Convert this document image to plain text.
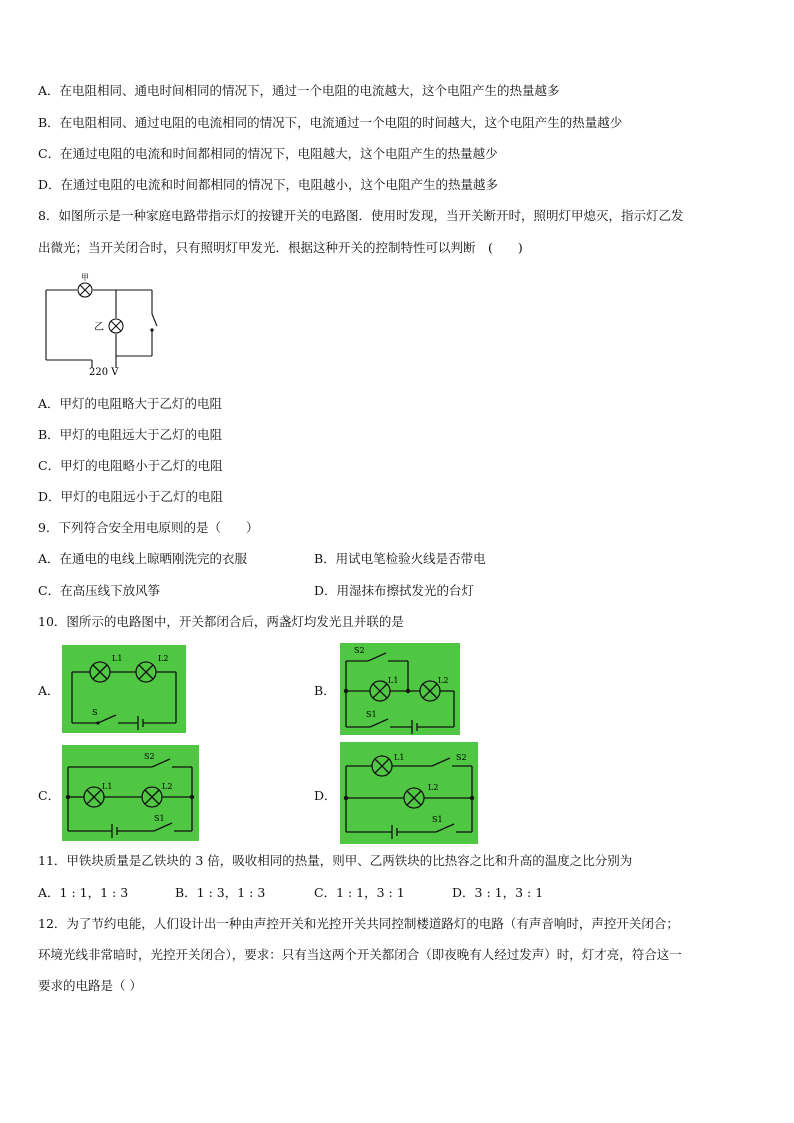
A．在电阻相同、通电时间相同的情况下，通过一个电阻的电流越大，这个电阻产生的热量越多
B．在电阻相同、通过电阻的电流相同的情况下，电流通过一个电阻的时间越大，这个电阻产生的热量越少
C．在通过电阻的电流和时间都相同的情况下，电阻越大，这个电阻产生的热量越少
D．在通过电阻的电流和时间都相同的情况下，电阻越小，这个电阻产生的热量越多
8．如图所示是一种家庭电路带指示灯的按键开关的电路图．使用时发现，当开关断开时，照明灯甲熄灭，指示灯乙发
出微光；当开关闭合时，只有照明灯甲发光．根据这种开关的控制特性可以判断　(　　)
甲
乙
220 V
A．甲灯的电阻略大于乙灯的电阻
B．甲灯的电阻远大于乙灯的电阻
C．甲灯的电阻略小于乙灯的电阻
D．甲灯的电阻远小于乙灯的电阻
9．下列符合安全用电原则的是（　　）
A．在通电的电线上晾晒刚洗完的衣服	B．用试电笔检验火线是否带电
C．在高压线下放风筝	D．用湿抹布擦拭发光的台灯
10．图所示的电路图中，开关都闭合后，两盏灯均发光且并联的是
A．
L1	L2
S
B．
S2
L1	L2
S1
C．
S2
L1	L2
S1
D．
L1	S2
L2
S1
11．甲铁块质量是乙铁块的 3 倍，吸收相同的热量，则甲、乙两铁块的比热容之比和升高的温度之比分别为
A．1 : 1，1 : 3	B．1 : 3，1 : 3	C．1 : 1，3 : 1	D．3 : 1，3 : 1
12．为了节约电能，人们设计出一种由声控开关和光控开关共同控制楼道路灯的电路（有声音响时，声控开关闭合；
环境光线非常暗时，光控开关闭合），要求：只有当这两个开关都闭合（即夜晚有人经过发声）时，灯才亮，符合这一
要求的电路是（ ）
